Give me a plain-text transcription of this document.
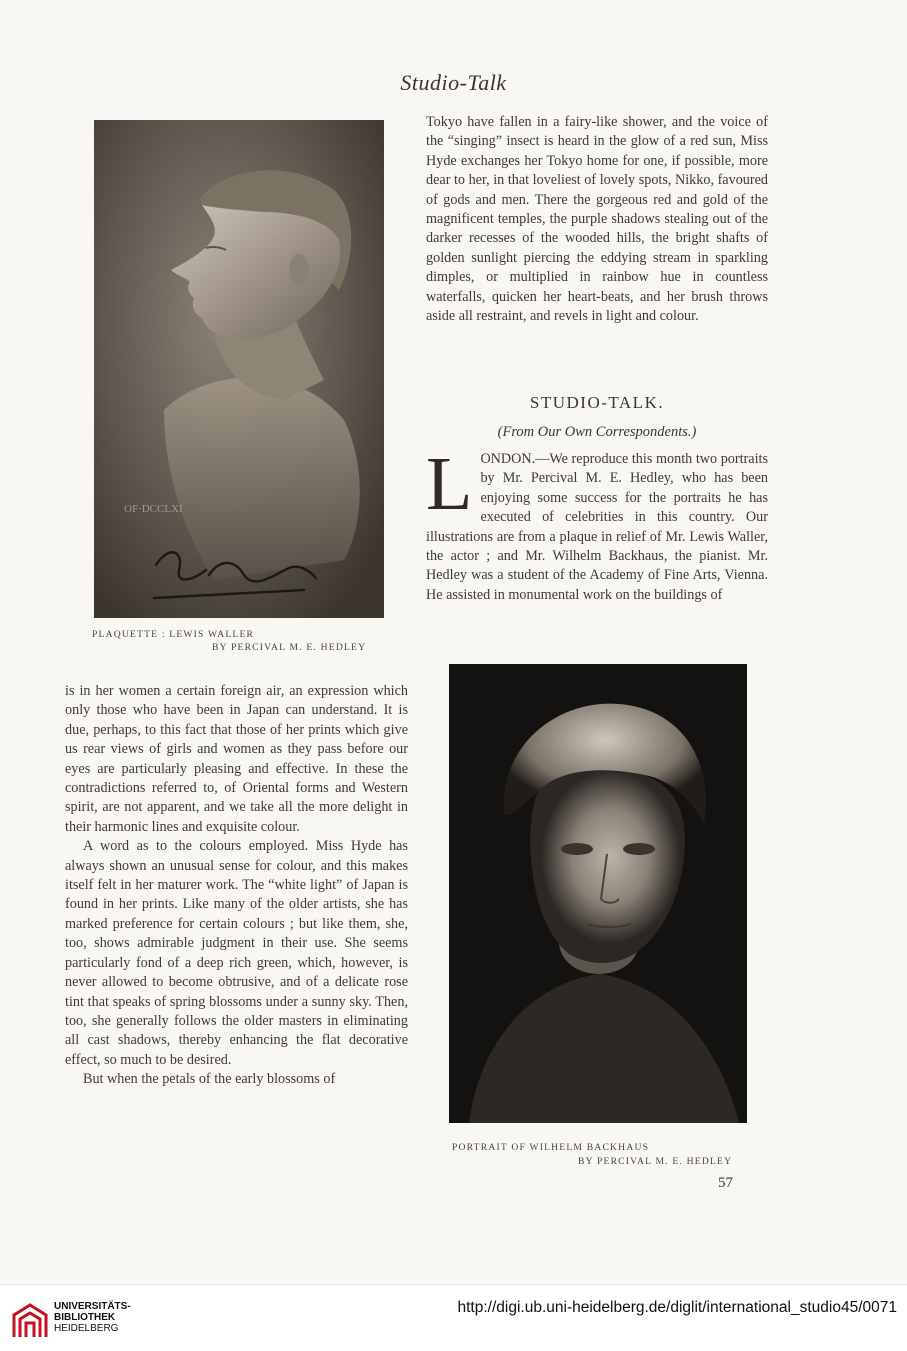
Studio-Talk
OF·DCCLXI
PLAQUETTE : LEWIS WALLER
BY PERCIVAL M. E. HEDLEY

Tokyo have fallen in a fairy-like shower, and the voice of the “singing” insect is heard in the glow of a red sun, Miss Hyde exchanges her Tokyo home for one, if possible, more dear to her, in that loveliest of lovely spots, Nikko, favoured of gods and men. There the gorgeous red and gold of the magnificent temples, the purple shadows stealing out of the darker recesses of the wooded hills, the bright shafts of golden sunlight piercing the eddying stream in sparkling dimples, or multiplied in rainbow hue in countless waterfalls, quicken her heart-beats, and her brush throws aside all restraint, and revels in light and colour.

STUDIO-TALK.
(From Our Own Correspondents.)
L ONDON.—We reproduce this month two portraits by Mr. Percival M. E. Hedley, who has been enjoying some success for the portraits he has executed of celebrities in this country. Our illustrations are from a plaque in relief of Mr. Lewis Waller, the actor ; and Mr. Wilhelm Backhaus, the pianist. Mr. Hedley was a student of the Academy of Fine Arts, Vienna. He assisted in monumental work on the buildings of

is in her women a certain foreign air, an expression which only those who have been in Japan can understand. It is due, perhaps, to this fact that those of her prints which give us rear views of girls and women as they pass before our eyes are particularly pleasing and effective. In these the contradictions referred to, of Oriental forms and Western spirit, are not apparent, and we take all the more delight in their harmonic lines and exquisite colour.

A word as to the colours employed. Miss Hyde has always shown an unusual sense for colour, and this makes itself felt in her maturer work. The “white light” of Japan is found in her prints. Like many of the older artists, she has marked preference for certain colours ; but like them, she, too, shows admirable judgment in their use. She seems particularly fond of a deep rich green, which, however, is never allowed to become obtrusive, and of a delicate rose tint that speaks of spring blossoms under a sunny sky. Then, too, she generally follows the older masters in eliminating all cast shadows, thereby enhancing the flat decorative effect, so much to be desired.

But when the petals of the early blossoms of

PORTRAIT OF WILHELM BACKHAUS
BY PERCIVAL M. E. HEDLEY
57
UNIVERSITÄTS-
BIBLIOTHEK
HEIDELBERG
http://digi.ub.uni-heidelberg.de/diglit/international_studio45/0071
